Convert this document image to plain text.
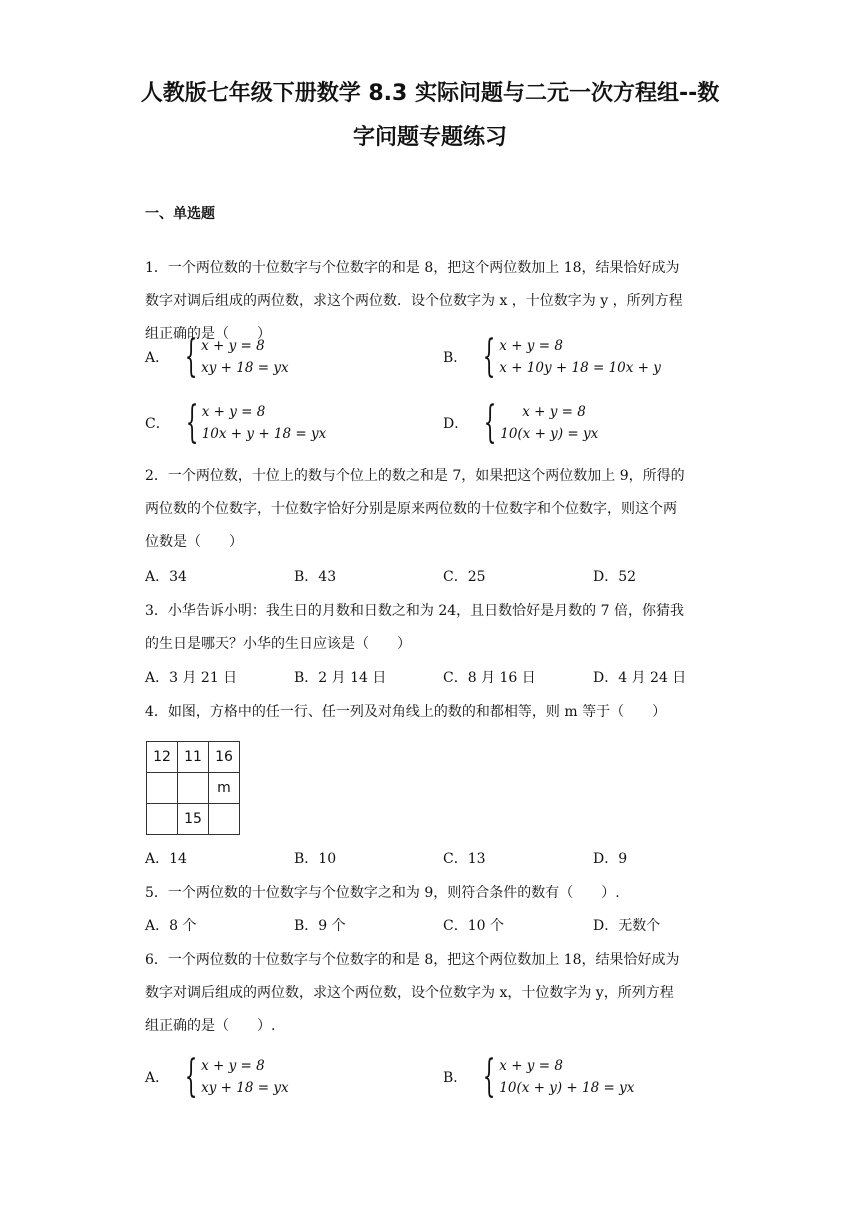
人教版七年级下册数学 8.3 实际问题与二元一次方程组--数
字问题专题练习
一、单选题
1．一个两位数的十位数字与个位数字的和是 8，把这个两位数加上 18，结果恰好成为
数字对调后组成的两位数，求这个两位数．设个位数字为 x ，十位数字为 y ，所列方程
组正确的是（　　）
A． { x + y = 8
xy + 18 = yx
B． { x + y = 8
x + 10y + 18 = 10x + y
C． { x + y = 8
10x + y + 18 = yx
D． {	x + y = 8
10(x + y) = yx
2．一个两位数，十位上的数与个位上的数之和是 7，如果把这个两位数加上 9，所得的
两位数的个位数字，十位数字恰好分别是原来两位数的十位数字和个位数字，则这个两
位数是（　　）
A．34	B．43	C．25	D．52
3．小华告诉小明：我生日的月数和日数之和为 24，且日数恰好是月数的 7 倍，你猜我
的生日是哪天？小华的生日应该是（　　）
A．3 月 21 日	B．2 月 14 日	C．8 月 16 日	D．4 月 24 日
4．如图，方格中的任一行、任一列及对角线上的数的和都相等，则 m 等于（　　）
12	11	16
		m
	15	
A．14	B．10	C．13	D．9
5．一个两位数的十位数字与个位数字之和为 9，则符合条件的数有（　　）.
A．8 个	B．9 个	C．10 个	D．无数个
6．一个两位数的十位数字与个位数字的和是 8，把这个两位数加上 18，结果恰好成为
数字对调后组成的两位数，求这个两位数，设个位数字为 x，十位数字为 y，所列方程
组正确的是（　　）.
A． { x + y = 8
xy + 18 = yx
B． { x + y = 8
10(x + y) + 18 = yx
